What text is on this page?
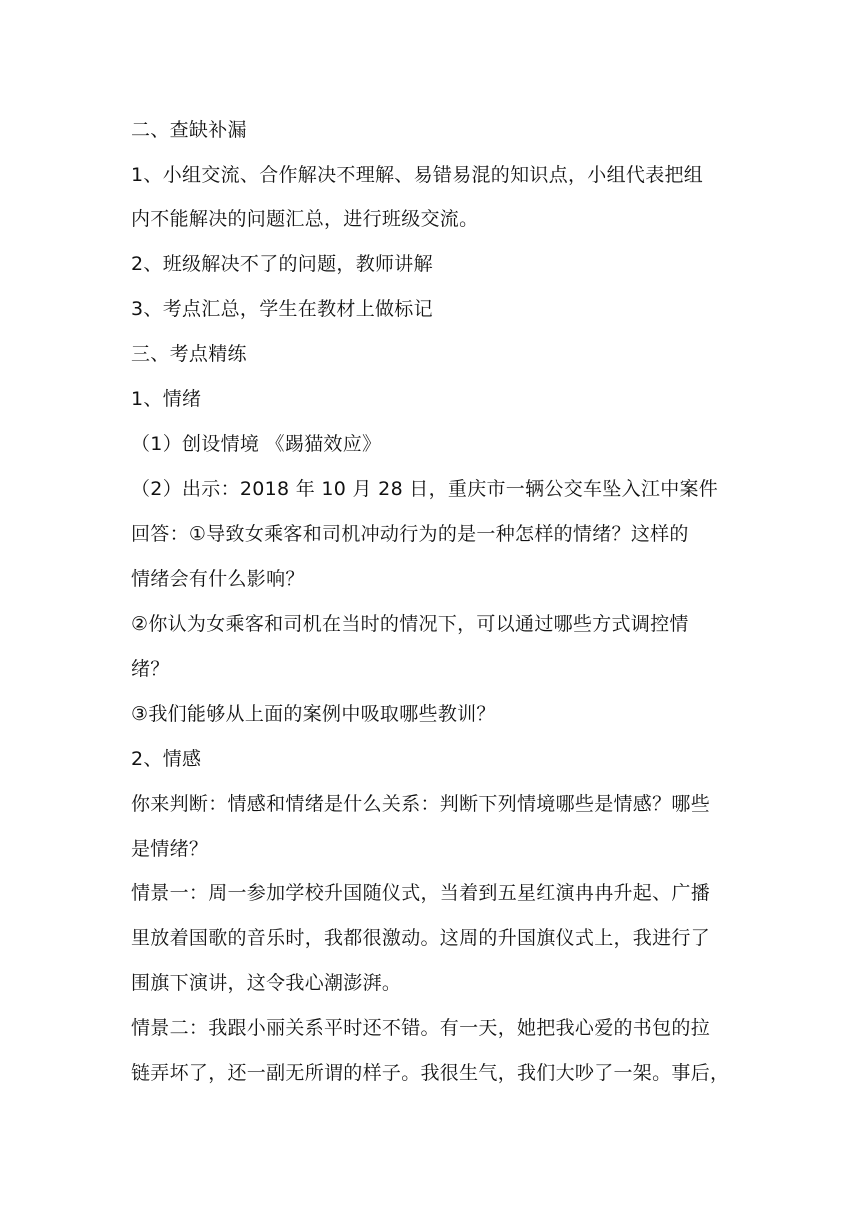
二、查缺补漏
1、小组交流、合作解决不理解、易错易混的知识点，小组代表把组
内不能解决的问题汇总，进行班级交流。
2、班级解决不了的问题，教师讲解
3、考点汇总，学生在教材上做标记
三、考点精练
1、情绪
（1）创设情境 《踢猫效应》
（2）出示：2018 年 10 月 28 日，重庆市一辆公交车坠入江中案件
回答：①导致女乘客和司机冲动行为的是一种怎样的情绪？这样的
情绪会有什么影响？
②你认为女乘客和司机在当时的情况下，可以通过哪些方式调控情
绪？
③我们能够从上面的案例中吸取哪些教训？
2、情感
你来判断：情感和情绪是什么关系：判断下列情境哪些是情感？哪些
是情绪？
情景一：周一参加学校升国随仪式，当着到五星红演冉冉升起、广播
里放着国歌的音乐时，我都很激动。这周的升国旗仪式上，我进行了
围旗下演讲，这令我心潮澎湃。
情景二：我跟小丽关系平时还不错。有一天，她把我心爱的书包的拉
链弄坏了，还一副无所谓的样子。我很生气，我们大吵了一架。事后，
